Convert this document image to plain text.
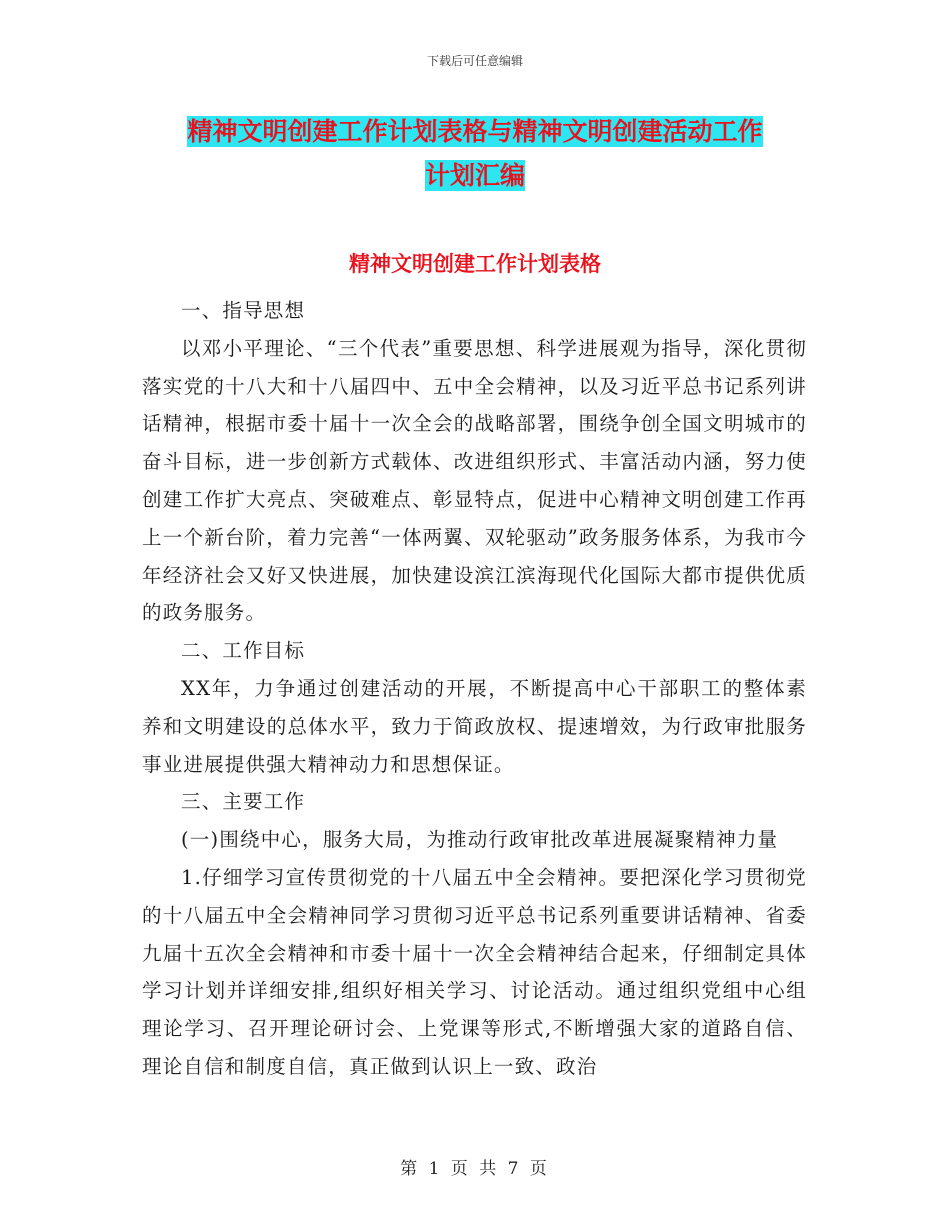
下载后可任意编辑
精神文明创建工作计划表格与精神文明创建活动工作
计划汇编
精神文明创建工作计划表格

一、指导思想

以邓小平理论、“三个代表”重要思想、科学进展观为指导，深化贯彻落实党的十八大和十八届四中、五中全会精神，以及习近平总书记系列讲话精神，根据市委十届十一次全会的战略部署，围绕争创全国文明城市的奋斗目标，进一步创新方式载体、改进组织形式、丰富活动内涵，努力使创建工作扩大亮点、突破难点、彰显特点，促进中心精神文明创建工作再上一个新台阶，着力完善“一体两翼、双轮驱动”政务服务体系，为我市今年经济社会又好又快进展，加快建设滨江滨海现代化国际大都市提供优质的政务服务。

二、工作目标

XX年，力争通过创建活动的开展，不断提高中心干部职工的整体素养和文明建设的总体水平，致力于简政放权、提速增效，为行政审批服务事业进展提供强大精神动力和思想保证。

三、主要工作

(一)围绕中心，服务大局，为推动行政审批改革进展凝聚精神力量

1.仔细学习宣传贯彻党的十八届五中全会精神。要把深化学习贯彻党的十八届五中全会精神同学习贯彻习近平总书记系列重要讲话精神、省委九届十五次全会精神和市委十届十一次全会精神结合起来，仔细制定具体学习计划并详细安排,组织好相关学习、讨论活动。通过组织党组中心组理论学习、召开理论研讨会、上党课等形式,不断增强大家的道路自信、理论自信和制度自信，真正做到认识上一致、政治

第 1 页 共 7 页
